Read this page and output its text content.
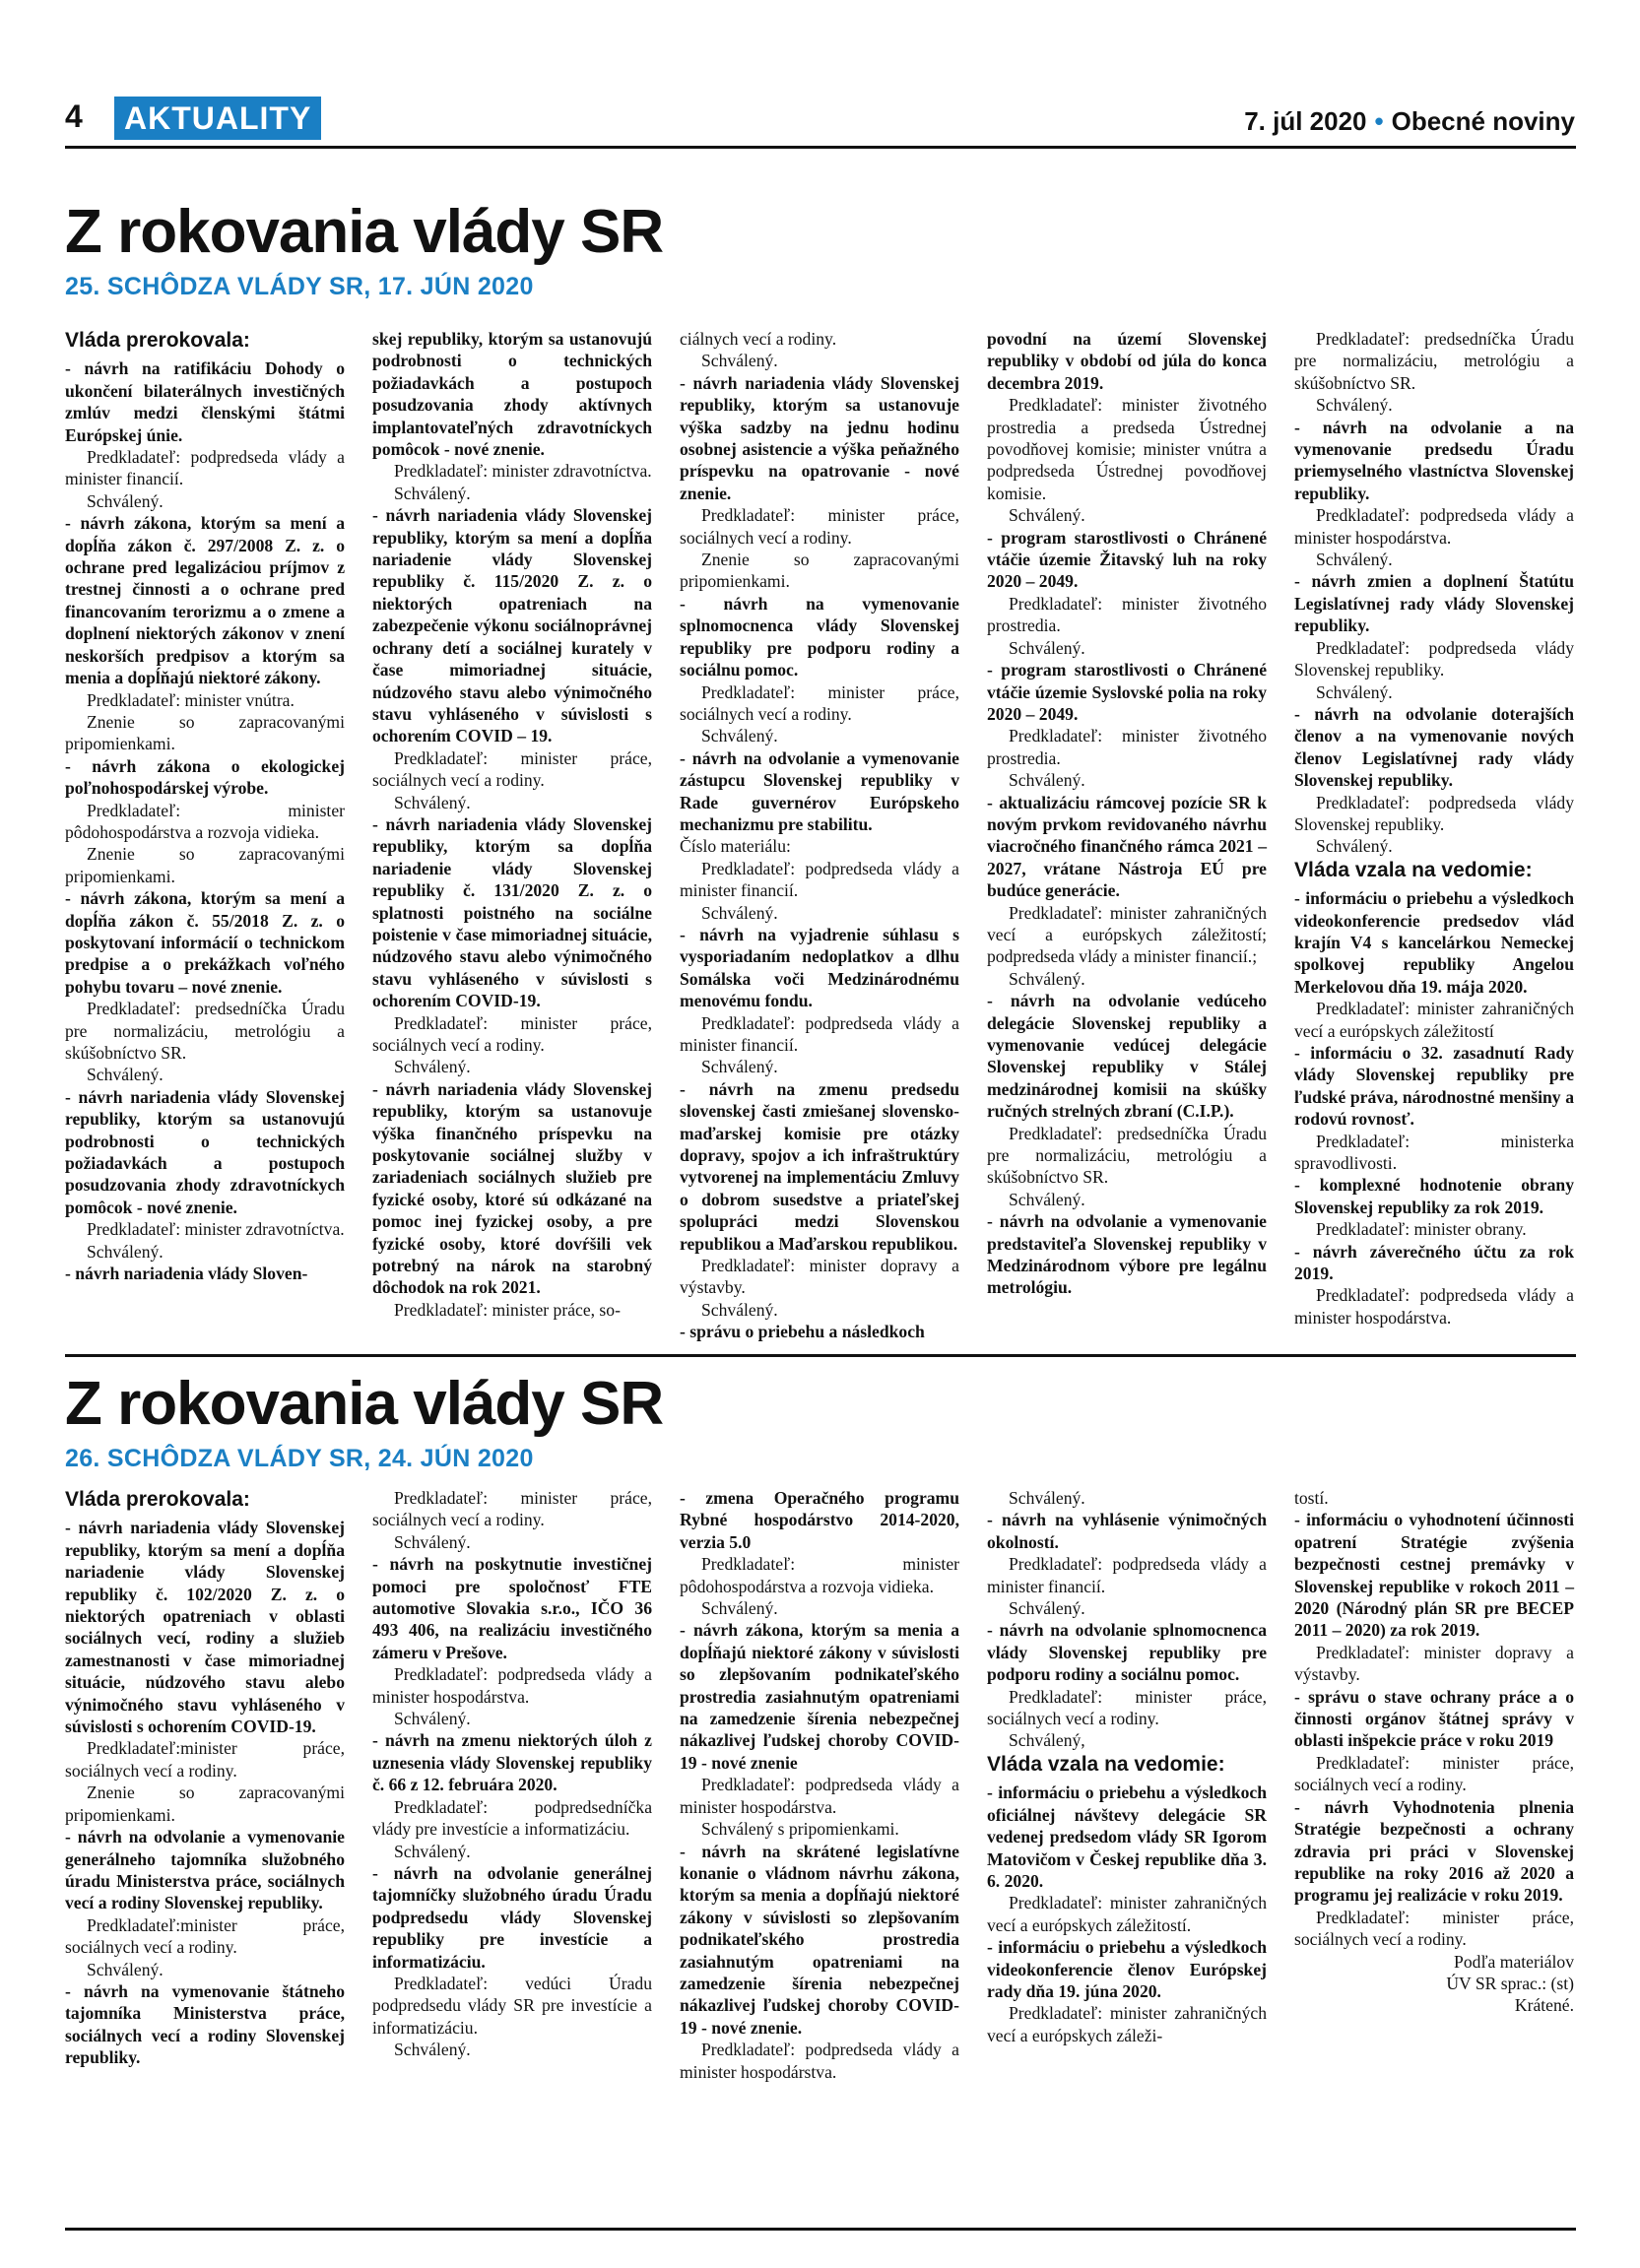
4	AKTUALITY	7. júl 2020 • Obecné noviny
Z rokovania vlády SR
25. SCHÔDZA VLÁDY SR, 17. JÚN 2020

Vláda prerokovala:

- návrh na ratifikáciu Dohody o ukončení bilaterálnych investičných zmlúv medzi členskými štátmi Európskej únie.

Predkladateľ: podpredseda vlády a minister financií.

Schválený.

- návrh zákona, ktorým sa mení a dopĺňa zákon č. 297/2008 Z. z. o ochrane pred legalizáciou príjmov z trestnej činnosti a o ochrane pred financovaním terorizmu a o zmene a doplnení niektorých zákonov v znení neskorších predpisov a ktorým sa menia a dopĺňajú niektoré zákony.

Predkladateľ: minister vnútra.

Znenie so zapracovanými pripomienkami.

- návrh zákona o ekologickej poľnohospodárskej výrobe.

Predkladateľ: minister pôdohospodárstva a rozvoja vidieka.

Znenie so zapracovanými pripomienkami.

- návrh zákona, ktorým sa mení a dopĺňa zákon č. 55/2018 Z. z. o poskytovaní informácií o technickom predpise a o prekážkach voľného pohybu tovaru – nové znenie.

Predkladateľ: predsedníčka Úradu pre normalizáciu, metrológiu a skúšobníctvo SR.

Schválený.

- návrh nariadenia vlády Slovenskej republiky, ktorým sa ustanovujú podrobnosti o technických požiadavkách a postupoch posudzovania zhody zdravotníckych pomôcok - nové znenie.

Predkladateľ: minister zdravotníctva.

Schválený.

- návrh nariadenia vlády Sloven-

skej republiky, ktorým sa ustanovujú podrobnosti o technických požiadavkách a postupoch posudzovania zhody aktívnych implantovateľných zdravotníckych pomôcok - nové znenie.

Predkladateľ: minister zdravotníctva.

Schválený.

- návrh nariadenia vlády Slovenskej republiky, ktorým sa mení a dopĺňa nariadenie vlády Slovenskej republiky č. 115/2020 Z. z. o niektorých opatreniach na zabezpečenie výkonu sociálnoprávnej ochrany detí a sociálnej kurately v čase mimoriadnej situácie, núdzového stavu alebo výnimočného stavu vyhláseného v súvislosti s ochorením COVID – 19.

Predkladateľ: minister práce, sociálnych vecí a rodiny.

Schválený.

- návrh nariadenia vlády Slovenskej republiky, ktorým sa dopĺňa nariadenie vlády Slovenskej republiky č. 131/2020 Z. z. o splatnosti poistného na sociálne poistenie v čase mimoriadnej situácie, núdzového stavu alebo výnimočného stavu vyhláseného v súvislosti s ochorením COVID-19.

Predkladateľ: minister práce, sociálnych vecí a rodiny.

Schválený.

- návrh nariadenia vlády Slovenskej republiky, ktorým sa ustanovuje výška finančného príspevku na poskytovanie sociálnej služby v zariadeniach sociálnych služieb pre fyzické osoby, ktoré sú odkázané na pomoc inej fyzickej osoby, a pre fyzické osoby, ktoré dovŕšili vek potrebný na nárok na starobný dôchodok na rok 2021.

Predkladateľ: minister práce, so-

ciálnych vecí a rodiny.

Schválený.

- návrh nariadenia vlády Slovenskej republiky, ktorým sa ustanovuje výška sadzby na jednu hodinu osobnej asistencie a výška peňažného príspevku na opatrovanie - nové znenie.

Predkladateľ: minister práce, sociálnych vecí a rodiny.

Znenie so zapracovanými pripomienkami.

- návrh na vymenovanie splnomocnenca vlády Slovenskej republiky pre podporu rodiny a sociálnu pomoc.

Predkladateľ: minister práce, sociálnych vecí a rodiny.

Schválený.

- návrh na odvolanie a vymenovanie zástupcu Slovenskej republiky v Rade guvernérov Európskeho mechanizmu pre stabilitu.

Číslo materiálu:

Predkladateľ: podpredseda vlády a minister financií.

Schválený.

- návrh na vyjadrenie súhlasu s vysporiadaním nedoplatkov a dlhu Somálska voči Medzinárodnému menovému fondu.

Predkladateľ: podpredseda vlády a minister financií.

Schválený.

- návrh na zmenu predsedu slovenskej časti zmiešanej slovensko-maďarskej komisie pre otázky dopravy, spojov a ich infraštruktúry vytvorenej na implementáciu Zmluvy o dobrom susedstve a priateľskej spolupráci medzi Slovenskou republikou a Maďarskou republikou.

Predkladateľ: minister dopravy a výstavby.

Schválený.

- správu o priebehu a následkoch

povodní na území Slovenskej republiky v období od júla do konca decembra 2019.

Predkladateľ: minister životného prostredia a predseda Ústrednej povodňovej komisie; minister vnútra a podpredseda Ústrednej povodňovej komisie.

Schválený.

- program starostlivosti o Chránené vtáčie územie Žitavský luh na roky 2020 – 2049.

Predkladateľ: minister životného prostredia.

Schválený.

- program starostlivosti o Chránené vtáčie územie Syslovské polia na roky 2020 – 2049.

Predkladateľ: minister životného prostredia.

Schválený.

- aktualizáciu rámcovej pozície SR k novým prvkom revidovaného návrhu viacročného finančného rámca 2021 – 2027, vrátane Nástroja EÚ pre budúce generácie.

Predkladateľ: minister zahraničných vecí a európskych záležitostí; podpredseda vlády a minister financií.;

Schválený.

- návrh na odvolanie vedúceho delegácie Slovenskej republiky a vymenovanie vedúcej delegácie Slovenskej republiky v Stálej medzinárodnej komisii na skúšky ručných strelných zbraní (C.I.P.).

Predkladateľ: predsedníčka Úradu pre normalizáciu, metrológiu a skúšobníctvo SR.

Schválený.

- návrh na odvolanie a vymenovanie predstaviteľa Slovenskej republiky v Medzinárodnom výbore pre legálnu metrológiu.

Predkladateľ: predsedníčka Úradu pre normalizáciu, metrológiu a skúšobníctvo SR.

Schválený.

- návrh na odvolanie a na vymenovanie predsedu Úradu priemyselného vlastníctva Slovenskej republiky.

Predkladateľ: podpredseda vlády a minister hospodárstva.

Schválený.

- návrh zmien a doplnení Štatútu Legislatívnej rady vlády Slovenskej republiky.

Predkladateľ: podpredseda vlády Slovenskej republiky.

Schválený.

- návrh na odvolanie doterajších členov a na vymenovanie nových členov Legislatívnej rady vlády Slovenskej republiky.

Predkladateľ: podpredseda vlády Slovenskej republiky.

Schválený.

Vláda vzala na vedomie:

- informáciu o priebehu a výsledkoch videokonferencie predsedov vlád krajín V4 s kancelárkou Nemeckej spolkovej republiky Angelou Merkelovou dňa 19. mája 2020.

Predkladateľ: minister zahraničných vecí a európskych záležitostí

- informáciu o 32. zasadnutí Rady vlády Slovenskej republiky pre ľudské práva, národnostné menšiny a rodovú rovnosť.

Predkladateľ: ministerka spravodlivosti.

- komplexné hodnotenie obrany Slovenskej republiky za rok 2019.

Predkladateľ: minister obrany.

- návrh záverečného účtu za rok 2019.

Predkladateľ: podpredseda vlády a minister hospodárstva.

Z rokovania vlády SR
26. SCHÔDZA VLÁDY SR, 24. JÚN 2020

Vláda prerokovala:

- návrh nariadenia vlády Slovenskej republiky, ktorým sa mení a dopĺňa nariadenie vlády Slovenskej republiky č. 102/2020 Z. z. o niektorých opatreniach v oblasti sociálnych vecí, rodiny a služieb zamestnanosti v čase mimoriadnej situácie, núdzového stavu alebo výnimočného stavu vyhláseného v súvislosti s ochorením COVID-19.

Predkladateľ:minister práce, sociálnych vecí a rodiny.

Znenie so zapracovanými pripomienkami.

- návrh na odvolanie a vymenovanie generálneho tajomníka služobného úradu Ministerstva práce, sociálnych vecí a rodiny Slovenskej republiky.

Predkladateľ:minister práce, sociálnych vecí a rodiny.

Schválený.

- návrh na vymenovanie štátneho tajomníka Ministerstva práce, sociálnych vecí a rodiny Slovenskej republiky.

Predkladateľ: minister práce, sociálnych vecí a rodiny.

Schválený.

- návrh na poskytnutie investičnej pomoci pre spoločnosť FTE automotive Slovakia s.r.o., IČO 36 493 406, na realizáciu investičného zámeru v Prešove.

Predkladateľ: podpredseda vlády a minister hospodárstva.

Schválený.

- návrh na zmenu niektorých úloh z uznesenia vlády Slovenskej republiky č. 66 z 12. februára 2020.

Predkladateľ: podpredsedníčka vlády pre investície a informatizáciu.

Schválený.

- návrh na odvolanie generálnej tajomníčky služobného úradu Úradu podpredsedu vlády Slovenskej republiky pre investície a informatizáciu.

Predkladateľ: vedúci Úradu podpredsedu vlády SR pre investície a informatizáciu.

Schválený.

- zmena Operačného programu Rybné hospodárstvo 2014-2020, verzia 5.0

Predkladateľ: minister pôdohospodárstva a rozvoja vidieka.

Schválený.

- návrh zákona, ktorým sa menia a dopĺňajú niektoré zákony v súvislosti so zlepšovaním podnikateľského prostredia zasiahnutým opatreniami na zamedzenie šírenia nebezpečnej nákazlivej ľudskej choroby COVID-19 - nové znenie

Predkladateľ: podpredseda vlády a minister hospodárstva.

Schválený s pripomienkami.

- návrh na skrátené legislatívne konanie o vládnom návrhu zákona, ktorým sa menia a dopĺňajú niektoré zákony v súvislosti so zlepšovaním podnikateľského prostredia zasiahnutým opatreniami na zamedzenie šírenia nebezpečnej nákazlivej ľudskej choroby COVID-19 - nové znenie.

Predkladateľ: podpredseda vlády a minister hospodárstva.

Schválený.

- návrh na vyhlásenie výnimočných okolností.

Predkladateľ: podpredseda vlády a minister financií.

Schválený.

- návrh na odvolanie splnomocnenca vlády Slovenskej republiky pre podporu rodiny a sociálnu pomoc.

Predkladateľ: minister práce, sociálnych vecí a rodiny.

Schválený,

Vláda vzala na vedomie:

- informáciu o priebehu a výsledkoch oficiálnej návštevy delegácie SR vedenej predsedom vlády SR Igorom Matovičom v Českej republike dňa 3. 6. 2020.

Predkladateľ: minister zahraničných vecí a európskych záležitostí.

- informáciu o priebehu a výsledkoch videokonferencie členov Európskej rady dňa 19. júna 2020.

Predkladateľ: minister zahraničných vecí a európskych záleži-

tostí.

- informáciu o vyhodnotení účinnosti opatrení Stratégie zvýšenia bezpečnosti cestnej premávky v Slovenskej republike v rokoch 2011 – 2020 (Národný plán SR pre BECEP 2011 – 2020) za rok 2019.

Predkladateľ: minister dopravy a výstavby.

- správu o stave ochrany práce a o činnosti orgánov štátnej správy v oblasti inšpekcie práce v roku 2019

Predkladateľ: minister práce, sociálnych vecí a rodiny.

- návrh Vyhodnotenia plnenia Stratégie bezpečnosti a ochrany zdravia pri práci v Slovenskej republike na roky 2016 až 2020 a programu jej realizácie v roku 2019.

Predkladateľ: minister práce, sociálnych vecí a rodiny.

Podľa materiálov

ÚV SR sprac.: (st)

Krátené.
